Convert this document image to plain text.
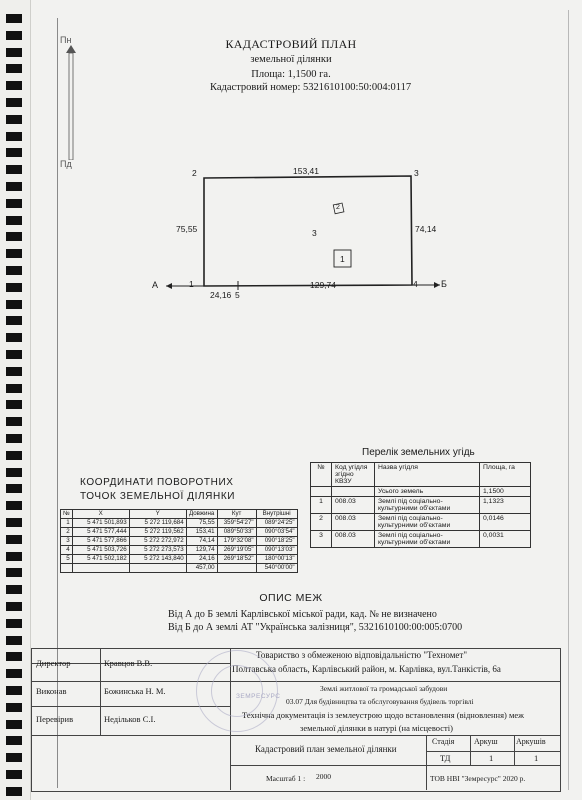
Пн
Пд
КАДАСТРОВИЙ ПЛАН
земельної ділянки
Площа: 1,1500 га.
Кадастровий номер: 5321610100:50:004:0117
2	3
1	4
5
153,41
75,55	74,14
24,16
129,74
3
1
2
А	Б
КООРДИНАТИ ПОВОРОТНИХ
ТОЧОК ЗЕМЕЛЬНОЇ ДІЛЯНКИ
№	X	Y	Довжина	Кут	Внутрішні
1	5 471 501,893	5 272 119,684	75,55	359°54'27"	089°24'25"
2	5 471 577,444	5 272 119,562	153,41	089°50'33"	090°03'54"
3	5 471 577,866	5 272 272,972	74,14	179°32'08"	090°18'25"
4	5 471 503,726	5 272 273,573	129,74	269°19'05"	090°13'03"
5	5 471 502,182	5 272 143,840	24,16	269°18'52"	180°00'13"
			457,00		540°00'00"
Перелік земельних угідь
№	Код угідля згідно КВЗУ	Назва угідля	Площа, га
		Усього земель	1,1500
1	008.03	Землі під соціально-культурними об'єктами	1,1323
2	008.03	Землі під соціально-культурними об'єктами	0,0146
3	008.03	Землі під соціально-культурними об'єктами	0,0031
ОПИС МЕЖ
Від А до Б землі Карлівської міської ради, кад. № не визначено
Від Б до А землі АТ "Українська залізниця", 5321610100:00:005:0700
Директор	Кравцов В.В.
Виконав	Божинська Н. М.
Перевірив	Недільков С.І.
Товариство з обмеженою відповідальністю "Техномет"
Полтавська область, Карлівський район, м. Карлівка, вул.Танкістів, 6а
Землі житлової та громадської забудови
03.07 Для будівництва та обслуговування будівель торгівлі
Технічна документація із землеустрою щодо встановлення (відновлення) меж
земельної ділянки в натурі (на місцевості)
Кадастровий план земельної ділянки
Стадія Аркуш Аркушів
ТД	1	1
Масштаб 1 : 2000	ТОВ НВІ "Земресурс" 2020 р.
ЗЕМРЕСУРС
